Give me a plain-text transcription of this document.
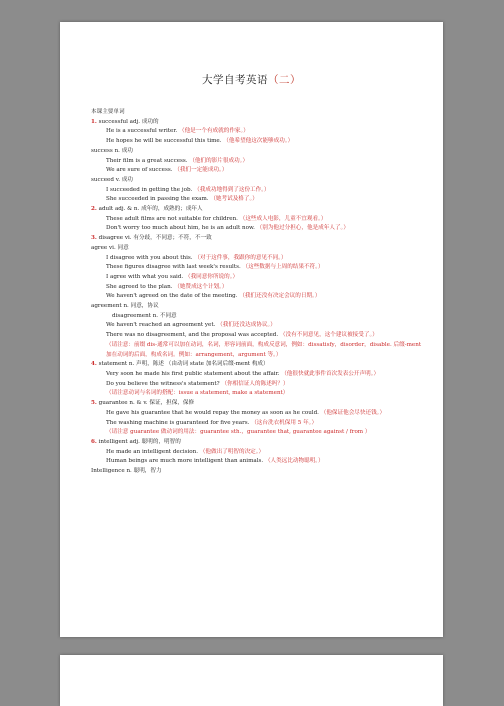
大学自考英语（二）
本课主要单词
1. successful adj. 成功的
He is a successful writer. （他是一个有成就的作家。）
He hopes he will be successful this time. （他希望他这次能够成功。）
success n. 成功
Their film is a great success. （他们的影片很成功。）
We are sure of success. （我们一定能成功。）
succeed v. 成功
I succeeded in getting the job. （我成功地得到了这份工作。）
She succeeded in passing the exam. （她考试及格了。）
2. adult adj. & n. 成年的，成熟的；成年人
These adult films are not suitable for children. （这些成人电影，儿童不宜观看。）
Don't worry too much about him, he is an adult now. （别为他过分担心，他是成年人了。）
3. disagree vi. 有分歧，不同意；不符，不一致
agree vi. 同意
I disagree with you about this. （对于这件事，我跟你的意见不同。）
These figures disagree with last week's results. （这些数据与上周的结果不符。）
I agree with what you said. （我同意你所说的。）
She agreed to the plan. （她赞成这个计划。）
We haven't agreed on the date of the meeting. （我们还没有决定会议的日期。）
agreement n. 同意，协议
disagreement n. 不同意
We haven't reached an agreement yet. （我们还没达成协议。）
There was no disagreement, and the proposal was accepted. （没有不同意见，这个建议被接受了。）
（请注意：前缀 dis-通常可以加在动词，名词，形容词前面，构成反意词，例如：dissatisfy，disorder，disable. 后缀-ment 加在动词的后面，构成名词。例如：arrangement，argument 等。）
4. statement n. 声明，陈述 （由动词 state 加名词后缀-ment 构成）
Very soon he made his first public statement about the affair. （他很快就此事件首次发表公开声明。）
Do you believe the witness's statement? （你相信证人的陈述吗？）
（请注意动词与名词的搭配：issue a statement, make a statement）
5. guarantee n. & v. 保证，担保，保修
He gave his guarantee that he would repay the money as soon as he could. （他保证他会尽快还钱。）
The washing machine is guaranteed for five years. （这台洗衣机保用 5 年。）
（请注意 guarantee 做动词的用法：guarantee sth.，guarantee that, guarantee against / from ）
6. intelligent adj. 聪明的，明智的
He made an intelligent decision. （他做出了明智的决定。）
Human beings are much more intelligent than animals. （人类远比动物聪明。）
Intelligence n. 聪明，智力
